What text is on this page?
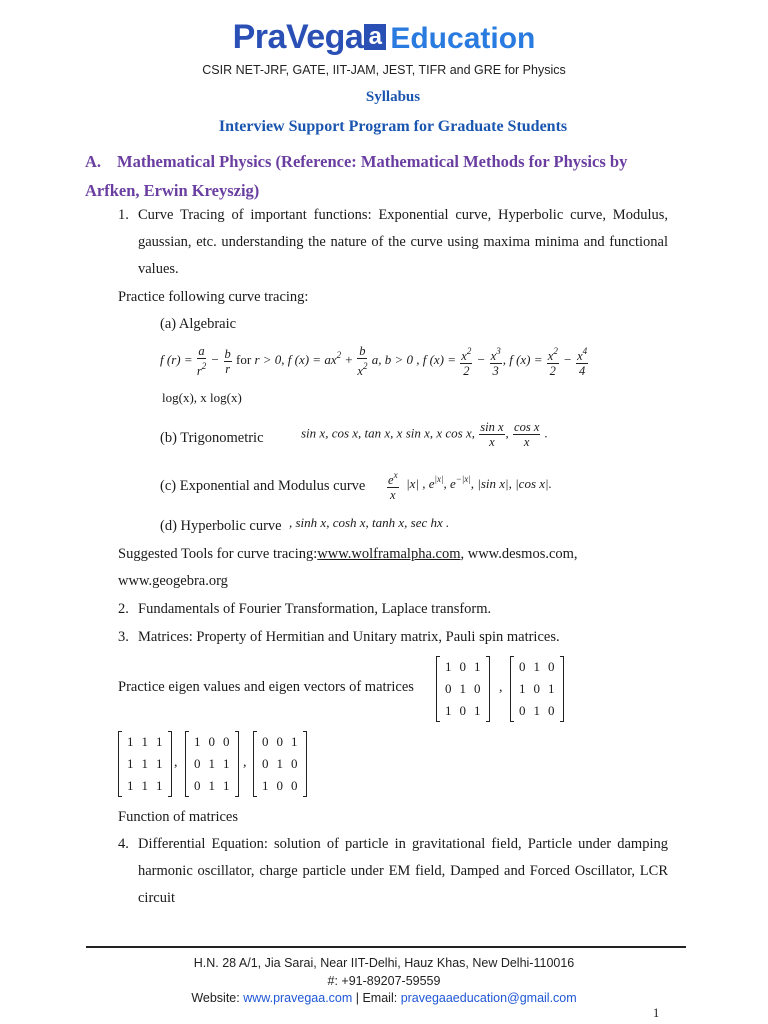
PraVega a Education
CSIR NET-JRF, GATE, IIT-JAM, JEST, TIFR and GRE for Physics
Syllabus
Interview Support Program for Graduate Students
A. Mathematical Physics (Reference: Mathematical Methods for Physics by Arfken, Erwin Kreyszig)
1. Curve Tracing of important functions: Exponential curve, Hyperbolic curve, Modulus, gaussian, etc. understanding the nature of the curve using maxima minima and functional values.
Practice following curve tracing:
(a) Algebraic
f $(r) = \frac{a}{r^2} - \frac{b}{r}$ for r > 0, f $(x) = ax^2 + \frac{b}{x^2} a$, b > 0 , f $(x) = \frac{x^2}{2} - \frac{x^3}{3}$ , f $(x) = \frac{x^2}{2} - \frac{x^4}{4}$
log(x), x log(x)
(b) Trigonometric	sin x, cos x, tan x, x sin x, x cos x, $\frac{\text{sin x}}{x}$ , $\frac{\text{cos x}}{x}$ .
(c) Exponential and Modulus curve $\frac{e^x}{x} |x|$ , $e^{|x|}$, $e^{-|x|}$, |sin x|, |cos x|.
(d) Hyperbolic curve , sinh x, cosh x, tanh x, sec hx .
Suggested Tools for curve tracing:www.wolframalpha.com, www.desmos.com,
www.geogebra.org
2. Fundamentals of Fourier Transformation, Laplace transform.
3. Matrices: Property of Hermitian and Unitary matrix, Pauli spin matrices.
Practice eigen values and eigen vectors of matrices
1	0	1
0	1	0
1	0	1
,
0	1	0
1	0	1
0	1	0
1	1	1
1	1	1
1	1	1
,
1	0	0
0	1	1
0	1	1
,
0	0	1
0	1	0
1	0	0
Function of matrices
4. Differential Equation: solution of particle in gravitational field, Particle under damping harmonic oscillator, charge particle under EM field, Damped and Forced Oscillator, LCR circuit
H.N. 28 A/1, Jia Sarai, Near IIT-Delhi, Hauz Khas, New Delhi-110016
#: +91-89207-59559
Website: www.pravegaa.com | Email: pravegaaeducation@gmail.com
1
